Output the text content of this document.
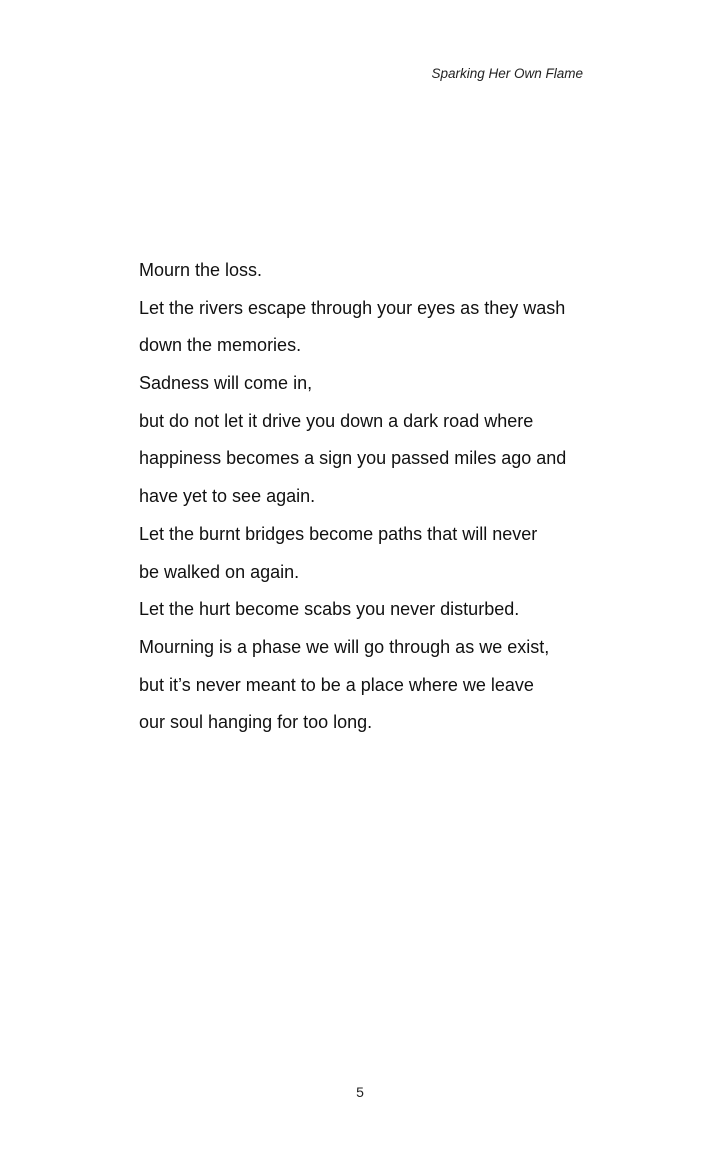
Sparking Her Own Flame
Mourn the loss.
Let the rivers escape through your eyes as they wash
down the memories.
Sadness will come in,
but do not let it drive you down a dark road where
happiness becomes a sign you passed miles ago and
have yet to see again.
Let the burnt bridges become paths that will never
be walked on again.
Let the hurt become scabs you never disturbed.
Mourning is a phase we will go through as we exist,
but it’s never meant to be a place where we leave
our soul hanging for too long.
5
